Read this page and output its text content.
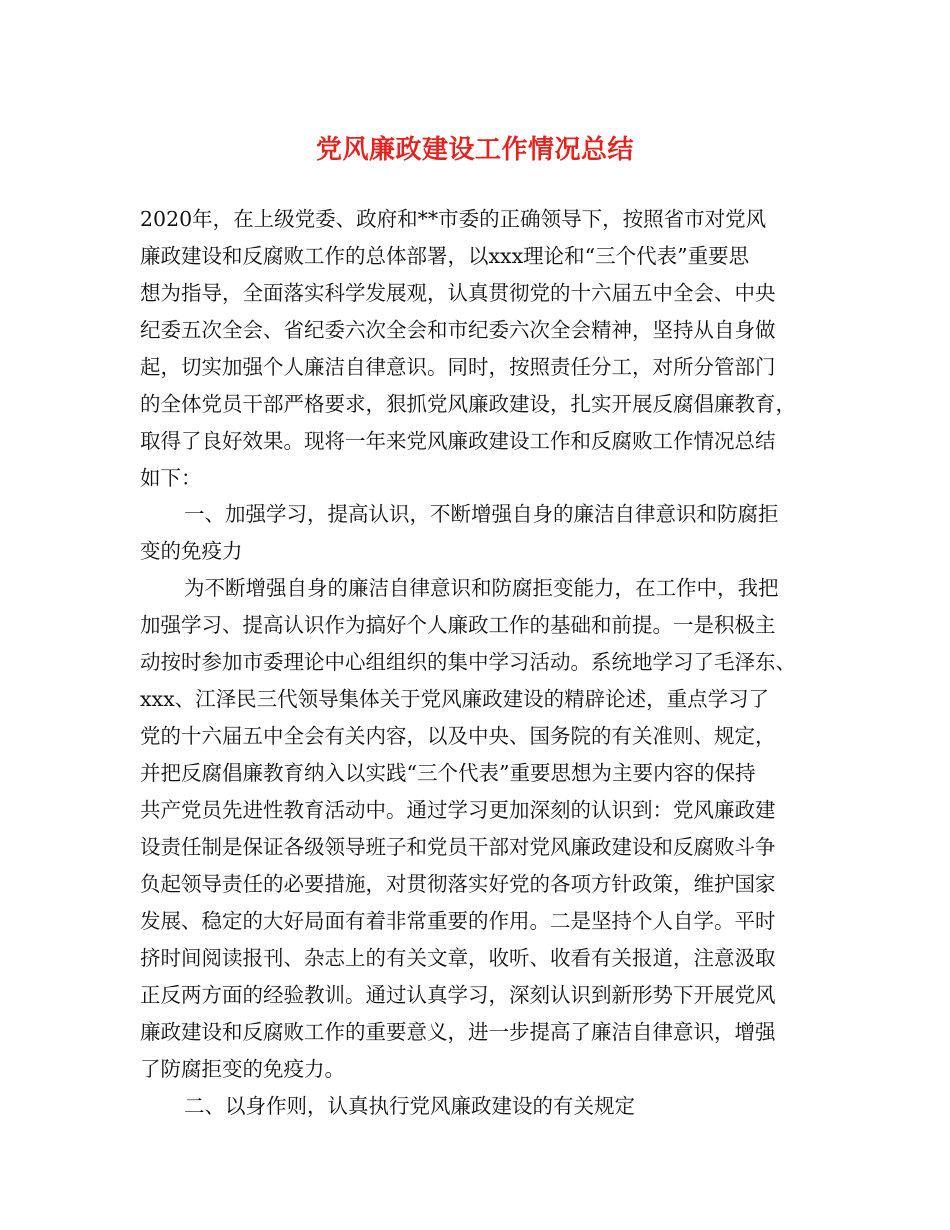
党风廉政建设工作情况总结
2020年，在上级党委、政府和**市委的正确领导下，按照省市对党风
廉政建设和反腐败工作的总体部署，以xxx理论和“三个代表”重要思
想为指导，全面落实科学发展观，认真贯彻党的十六届五中全会、中央
纪委五次全会、省纪委六次全会和市纪委六次全会精神，坚持从自身做
起，切实加强个人廉洁自律意识。同时，按照责任分工，对所分管部门
的全体党员干部严格要求，狠抓党风廉政建设，扎实开展反腐倡廉教育，
取得了良好效果。现将一年来党风廉政建设工作和反腐败工作情况总结
如下：
一、加强学习，提高认识，不断增强自身的廉洁自律意识和防腐拒
变的免疫力
为不断增强自身的廉洁自律意识和防腐拒变能力，在工作中，我把
加强学习、提高认识作为搞好个人廉政工作的基础和前提。一是积极主
动按时参加市委理论中心组组织的集中学习活动。系统地学习了毛泽东、
xxx、江泽民三代领导集体关于党风廉政建设的精辟论述，重点学习了
党的十六届五中全会有关内容，以及中央、国务院的有关准则、规定，
并把反腐倡廉教育纳入以实践“三个代表”重要思想为主要内容的保持
共产党员先进性教育活动中。通过学习更加深刻的认识到：党风廉政建
设责任制是保证各级领导班子和党员干部对党风廉政建设和反腐败斗争
负起领导责任的必要措施，对贯彻落实好党的各项方针政策，维护国家
发展、稳定的大好局面有着非常重要的作用。二是坚持个人自学。平时
挤时间阅读报刊、杂志上的有关文章，收听、收看有关报道，注意汲取
正反两方面的经验教训。通过认真学习，深刻认识到新形势下开展党风
廉政建设和反腐败工作的重要意义，进一步提高了廉洁自律意识，增强
了防腐拒变的免疫力。
二、以身作则，认真执行党风廉政建设的有关规定
